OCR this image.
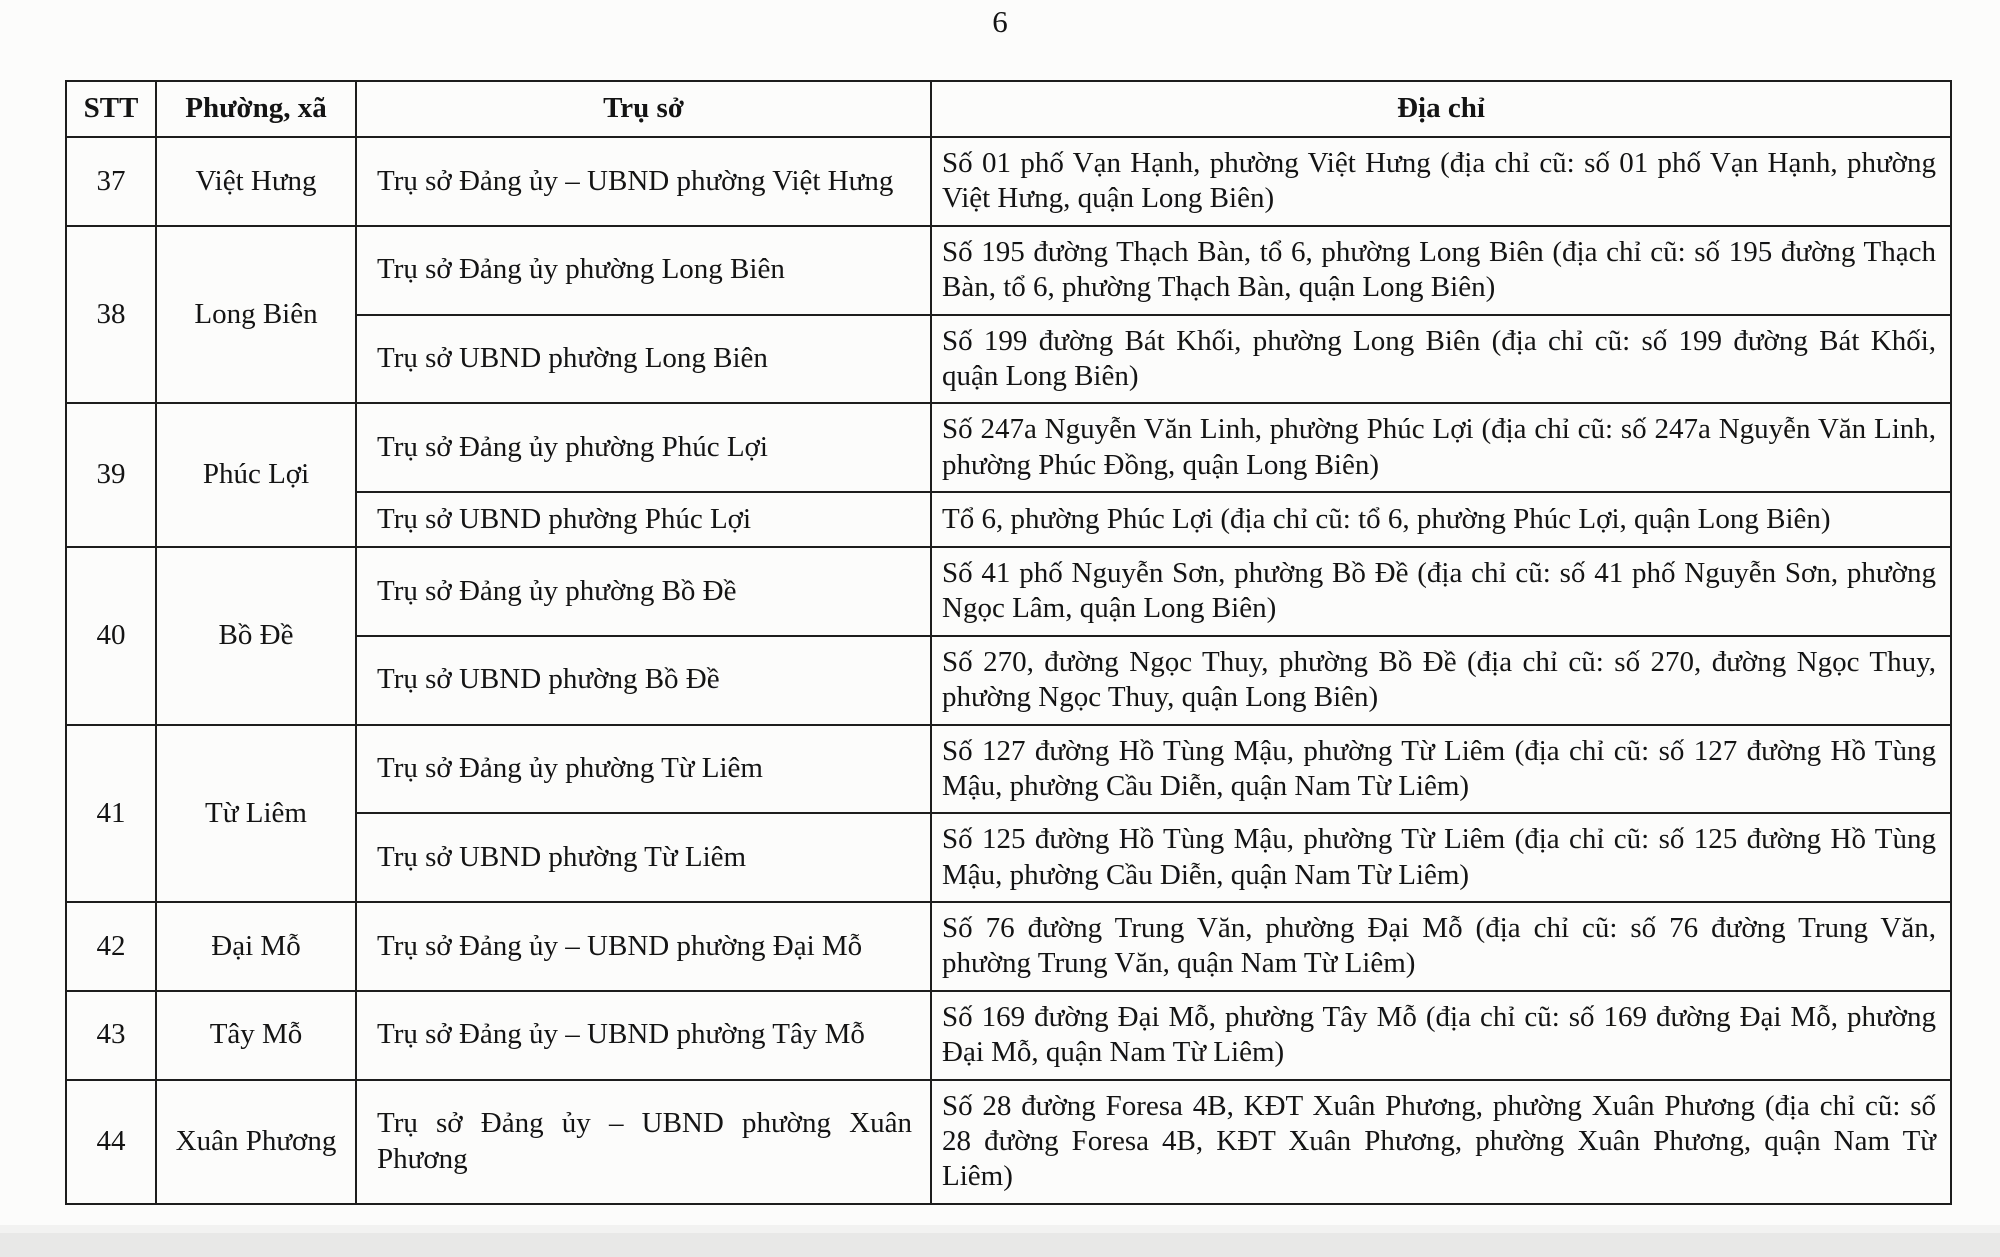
6
STT	Phường, xã	Trụ sở	Địa chỉ
37	Việt Hưng	Trụ sở Đảng ủy – UBND phường Việt Hưng	Số 01 phố Vạn Hạnh, phường Việt Hưng (địa chỉ cũ: số 01 phố Vạn Hạnh, phường Việt Hưng, quận Long Biên)
38	Long Biên	Trụ sở Đảng ủy phường Long Biên	Số 195 đường Thạch Bàn, tổ 6, phường Long Biên (địa chỉ cũ: số 195 đường Thạch Bàn, tổ 6, phường Thạch Bàn, quận Long Biên)
		Trụ sở UBND phường Long Biên	Số 199 đường Bát Khối, phường Long Biên (địa chỉ cũ: số 199 đường Bát Khối, quận Long Biên)
39	Phúc Lợi	Trụ sở Đảng ủy phường Phúc Lợi	Số 247a Nguyễn Văn Linh, phường Phúc Lợi (địa chỉ cũ: số 247a Nguyễn Văn Linh, phường Phúc Đồng, quận Long Biên)
		Trụ sở UBND phường Phúc Lợi	Tổ 6, phường Phúc Lợi (địa chỉ cũ: tổ 6, phường Phúc Lợi, quận Long Biên)
40	Bồ Đề	Trụ sở Đảng ủy phường Bồ Đề	Số 41 phố Nguyễn Sơn, phường Bồ Đề (địa chỉ cũ: số 41 phố Nguyễn Sơn, phường Ngọc Lâm, quận Long Biên)
		Trụ sở UBND phường Bồ Đề	Số 270, đường Ngọc Thuy, phường Bồ Đề (địa chỉ cũ: số 270, đường Ngọc Thuy, phường Ngọc Thuy, quận Long Biên)
41	Từ Liêm	Trụ sở Đảng ủy phường Từ Liêm	Số 127 đường Hồ Tùng Mậu, phường Từ Liêm (địa chỉ cũ: số 127 đường Hồ Tùng Mậu, phường Cầu Diễn, quận Nam Từ Liêm)
		Trụ sở UBND phường Từ Liêm	Số 125 đường Hồ Tùng Mậu, phường Từ Liêm (địa chỉ cũ: số 125 đường Hồ Tùng Mậu, phường Cầu Diễn, quận Nam Từ Liêm)
42	Đại Mỗ	Trụ sở Đảng ủy – UBND phường Đại Mỗ	Số 76 đường Trung Văn, phường Đại Mỗ (địa chỉ cũ: số 76 đường Trung Văn, phường Trung Văn, quận Nam Từ Liêm)
43	Tây Mỗ	Trụ sở Đảng ủy – UBND phường Tây Mỗ	Số 169 đường Đại Mỗ, phường Tây Mỗ (địa chỉ cũ: số 169 đường Đại Mỗ, phường Đại Mỗ, quận Nam Từ Liêm)
44	Xuân Phương	Trụ sở Đảng ủy – UBND phường Xuân Phương	Số 28 đường Foresa 4B, KĐT Xuân Phương, phường Xuân Phương (địa chỉ cũ: số 28 đường Foresa 4B, KĐT Xuân Phương, phường Xuân Phương, quận Nam Từ Liêm)
